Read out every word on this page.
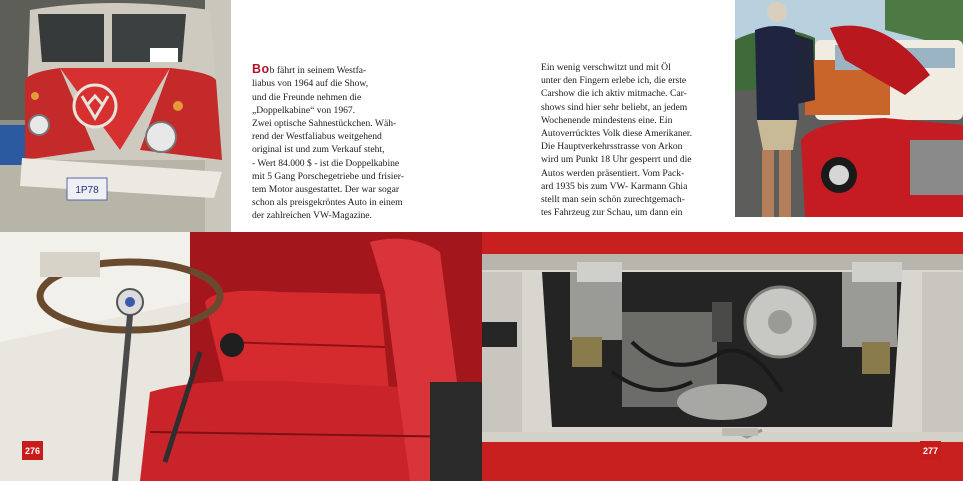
1P78

Bob fährt in seinem Westfa-
liabus von 1964 auf die Show,
und die Freunde nehmen die
„Doppelkabine“ von 1967.

Zwei optische Sahnestückchen. Wäh-
rend der Westfaliabus weitgehend
original ist und zum Verkauf steht,
- Wert 84.000 $ - ist die Doppelkabine
mit 5 Gang Porschegetriebe und frisier-
tem Motor ausgestattet. Der war sogar
schon als preisgekröntes Auto in einem
der zahlreichen VW-Magazine.
Ein wenig verschwitzt und mit Öl
unter den Fingern erlebe ich, die erste
Carshow die ich aktiv mitmache. Car-
shows sind hier sehr beliebt, an jedem
Wochenende mindestens eine. Ein
Autoverrücktes Volk diese Amerikaner.
Die Hauptverkehrsstrasse von Arkon
wird um Punkt 18 Uhr gesperrt und die
Autos werden präsentiert. Vom Pack-
ard 1935 bis zum VW- Karmann Ghia
stellt man sein schön zurechtgemach-
tes Fahrzeug zur Schau, um dann ein
276	277
